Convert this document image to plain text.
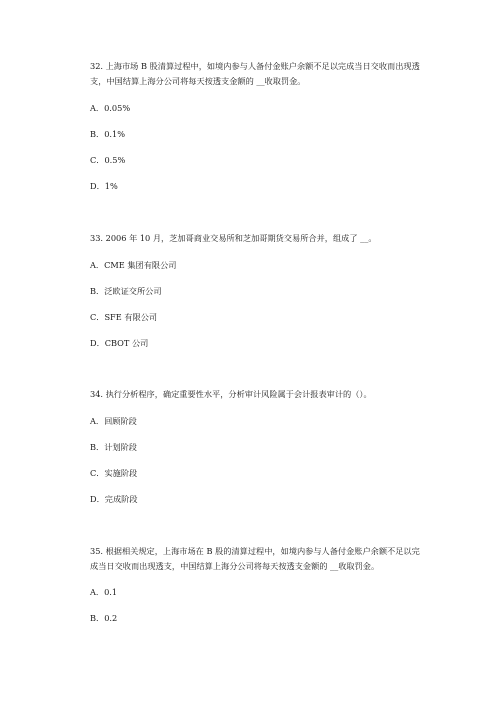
32. 上海市场 B 股清算过程中，如境内参与人备付金账户余额不足以完成当日交收而出现透
支，中国结算上海分公司将每天按透支金额的 __收取罚金。
A．0.05%
B．0.1%
C．0.5%
D．1%
33. 2006 年 10 月，芝加哥商业交易所和芝加哥期货交易所合并，组成了 __。
A．CME 集团有限公司
B．泛欧证交所公司
C．SFE 有限公司
D．CBOT 公司
34. 执行分析程序，确定重要性水平，分析审计风险属于会计报表审计的（）。
A．回顾阶段
B．计划阶段
C．实施阶段
D．完成阶段
35. 根据相关规定，上海市场在 B 股的清算过程中，如境内参与人备付金账户余额不足以完
成当日交收而出现透支，中国结算上海分公司将每天按透支金额的 __收取罚金。
A．0.1
B．0.2
